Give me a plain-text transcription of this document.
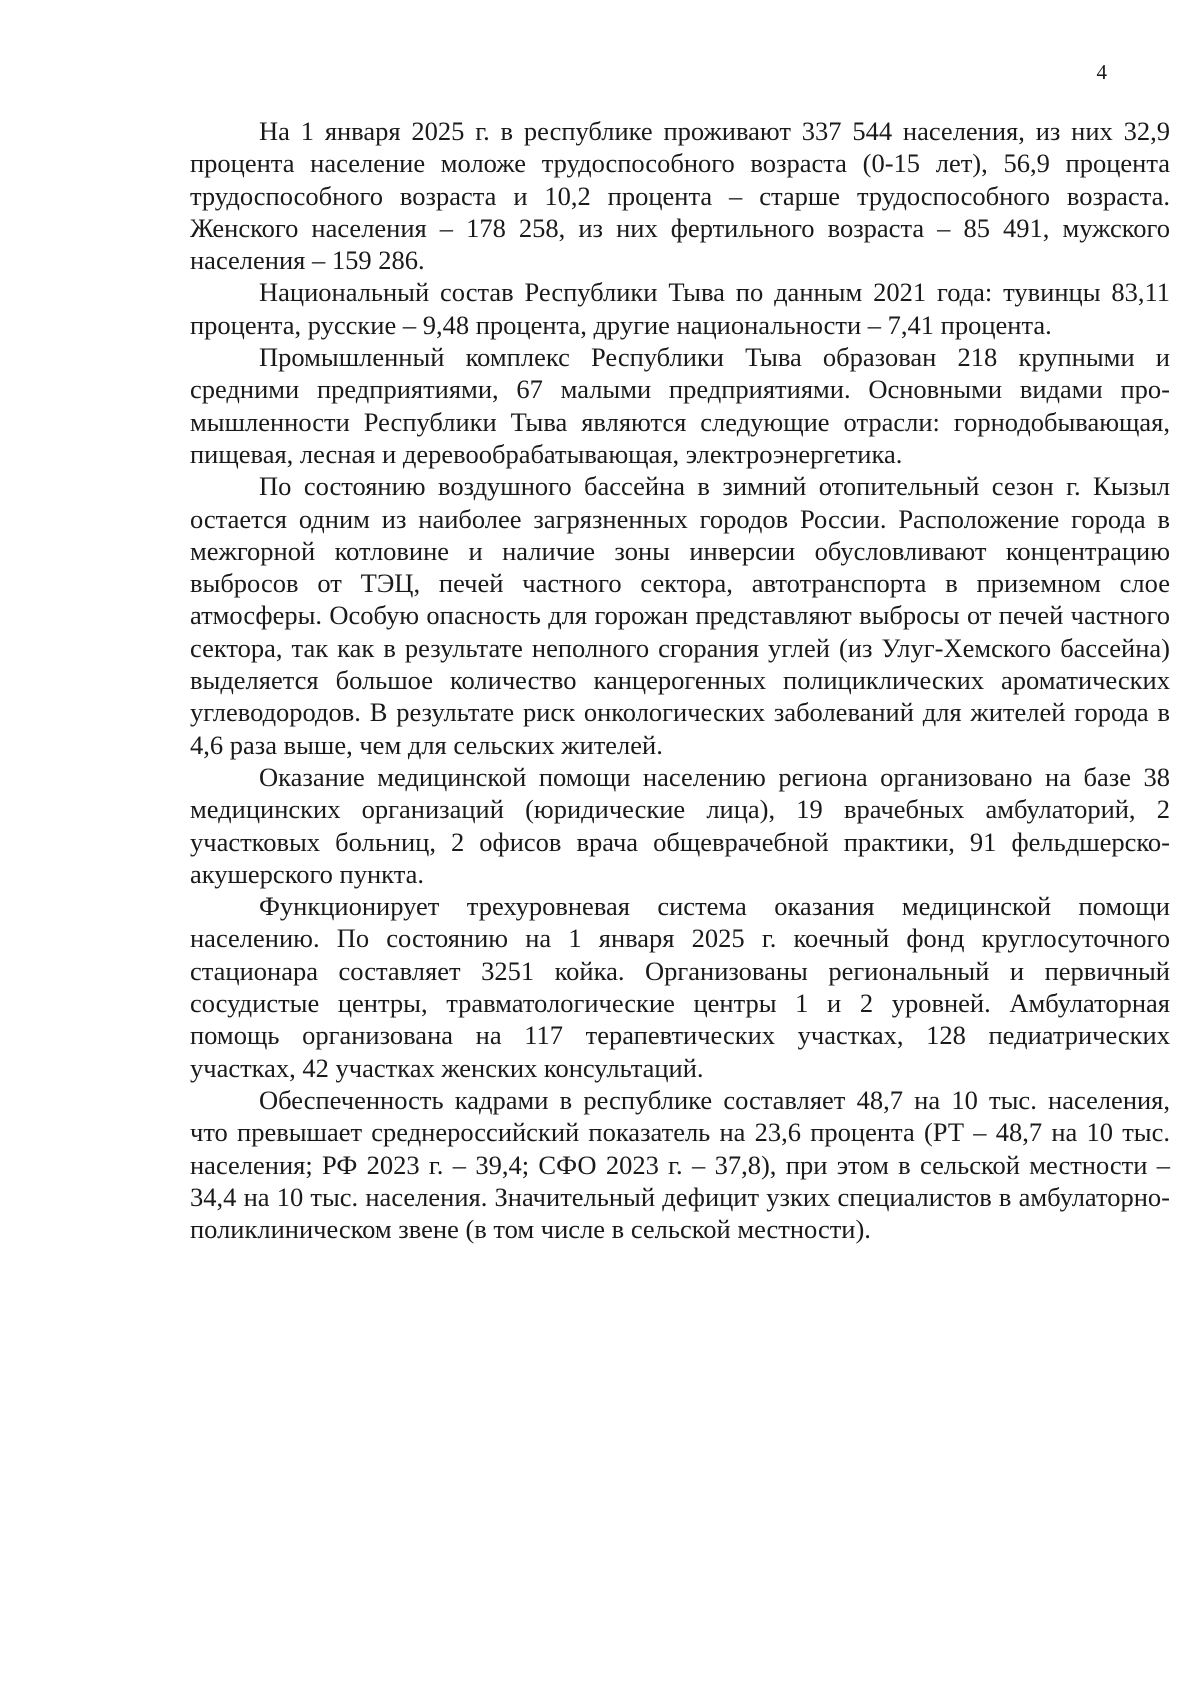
4

На 1 января 2025 г. в республике проживают 337 544 населения, из них 32,9 процента население моложе трудоспособного возраста (0-15 лет), 56,9 процента трудоспособного возраста и 10,2 процента – старше трудоспособного возраста. Женского населения – 178 258, из них фертильного возраста – 85 491, мужского населения – 159 286.

Национальный состав Республики Тыва по данным 2021 года: тувинцы 83,11 процента, русские – 9,48 процента, другие национальности – 7,41 процента.

Промышленный комплекс Республики Тыва образован 218 крупными и средними предприятиями, 67 малыми предприятиями. Основными видами промышленности Республики Тыва являются следующие отрасли: горнодобывающая, пищевая, лесная и деревообрабатывающая, электроэнергетика.

По состоянию воздушного бассейна в зимний отопительный сезон г. Кызыл остается одним из наиболее загрязненных городов России. Расположение города в межгорной котловине и наличие зоны инверсии обусловливают концентрацию выбросов от ТЭЦ, печей частного сектора, автотранспорта в приземном слое атмосферы. Особую опасность для горожан представляют выбросы от печей частного сектора, так как в результате неполного сгорания углей (из Улуг-Хемского бассейна) выделяется большое количество канцерогенных полициклических ароматических углеводородов. В результате риск онкологических заболеваний для жителей города в 4,6 раза выше, чем для сельских жителей.

Оказание медицинской помощи населению региона организовано на базе 38 медицинских организаций (юридические лица), 19 врачебных амбулаторий, 2 участковых больниц, 2 офисов врача общеврачебной практики, 91 фельдшерско-акушерского пункта.

Функционирует трехуровневая система оказания медицинской помощи населению. По состоянию на 1 января 2025 г. коечный фонд круглосуточного стационара составляет 3251 койка. Организованы региональный и первичный сосудистые центры, травматологические центры 1 и 2 уровней. Амбулаторная помощь организована на 117 терапевтических участках, 128 педиатрических участках, 42 участках женских консультаций.

Обеспеченность кадрами в республике составляет 48,7 на 10 тыс. населения, что превышает среднероссийский показатель на 23,6 процента (РТ – 48,7 на 10 тыс. населения; РФ 2023 г. – 39,4; СФО 2023 г. – 37,8), при этом в сельской местности – 34,4 на 10 тыс. населения. Значительный дефицит узких специалистов в амбулаторно-поликлиническом звене (в том числе в сельской местности).
